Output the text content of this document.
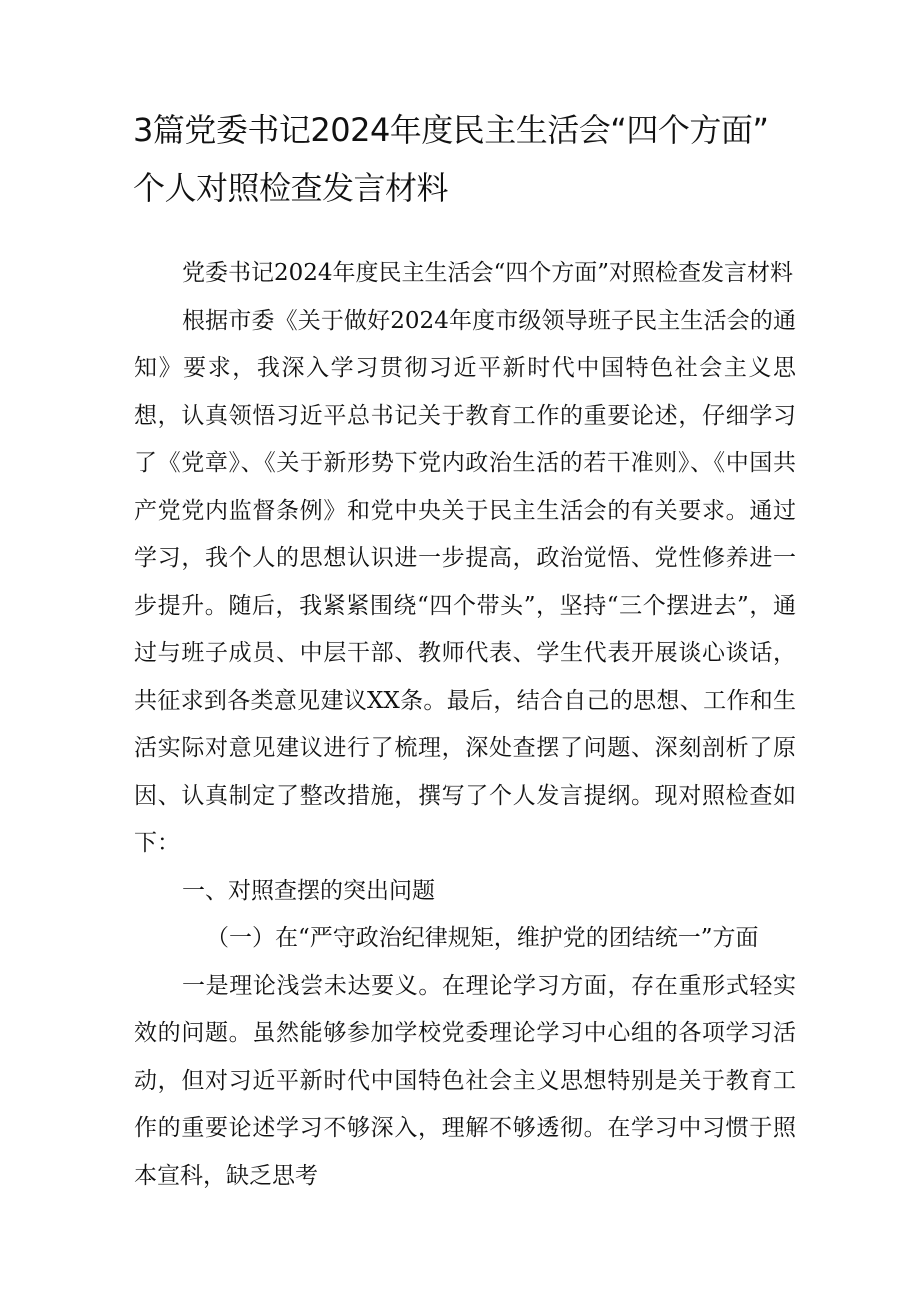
3篇党委书记2024年度民主生活会“四个方面”
个人对照检查发言材料

党委书记2024年度民主生活会“四个方面”对照检查发言材料

根据市委《关于做好2024年度市级领导班子民主生活会的通知》要求，我深入学习贯彻习近平新时代中国特色社会主义思想，认真领悟习近平总书记关于教育工作的重要论述，仔细学习了《党章》、《关于新形势下党内政治生活的若干准则》、《中国共产党党内监督条例》和党中央关于民主生活会的有关要求。通过学习，我个人的思想认识进一步提高，政治觉悟、党性修养进一步提升。随后，我紧紧围绕“四个带头”，坚持“三个摆进去”，通过与班子成员、中层干部、教师代表、学生代表开展谈心谈话，共征求到各类意见建议XX条。最后，结合自己的思想、工作和生活实际对意见建议进行了梳理，深处查摆了问题、深刻剖析了原因、认真制定了整改措施，撰写了个人发言提纲。现对照检查如下：

一、对照查摆的突出问题

（一）在“严守政治纪律规矩，维护党的团结统一”方面

一是理论浅尝未达要义。在理论学习方面，存在重形式轻实效的问题。虽然能够参加学校党委理论学习中心组的各项学习活动，但对习近平新时代中国特色社会主义思想特别是关于教育工作的重要论述学习不够深入，理解不够透彻。在学习中习惯于照本宣科，缺乏思考
